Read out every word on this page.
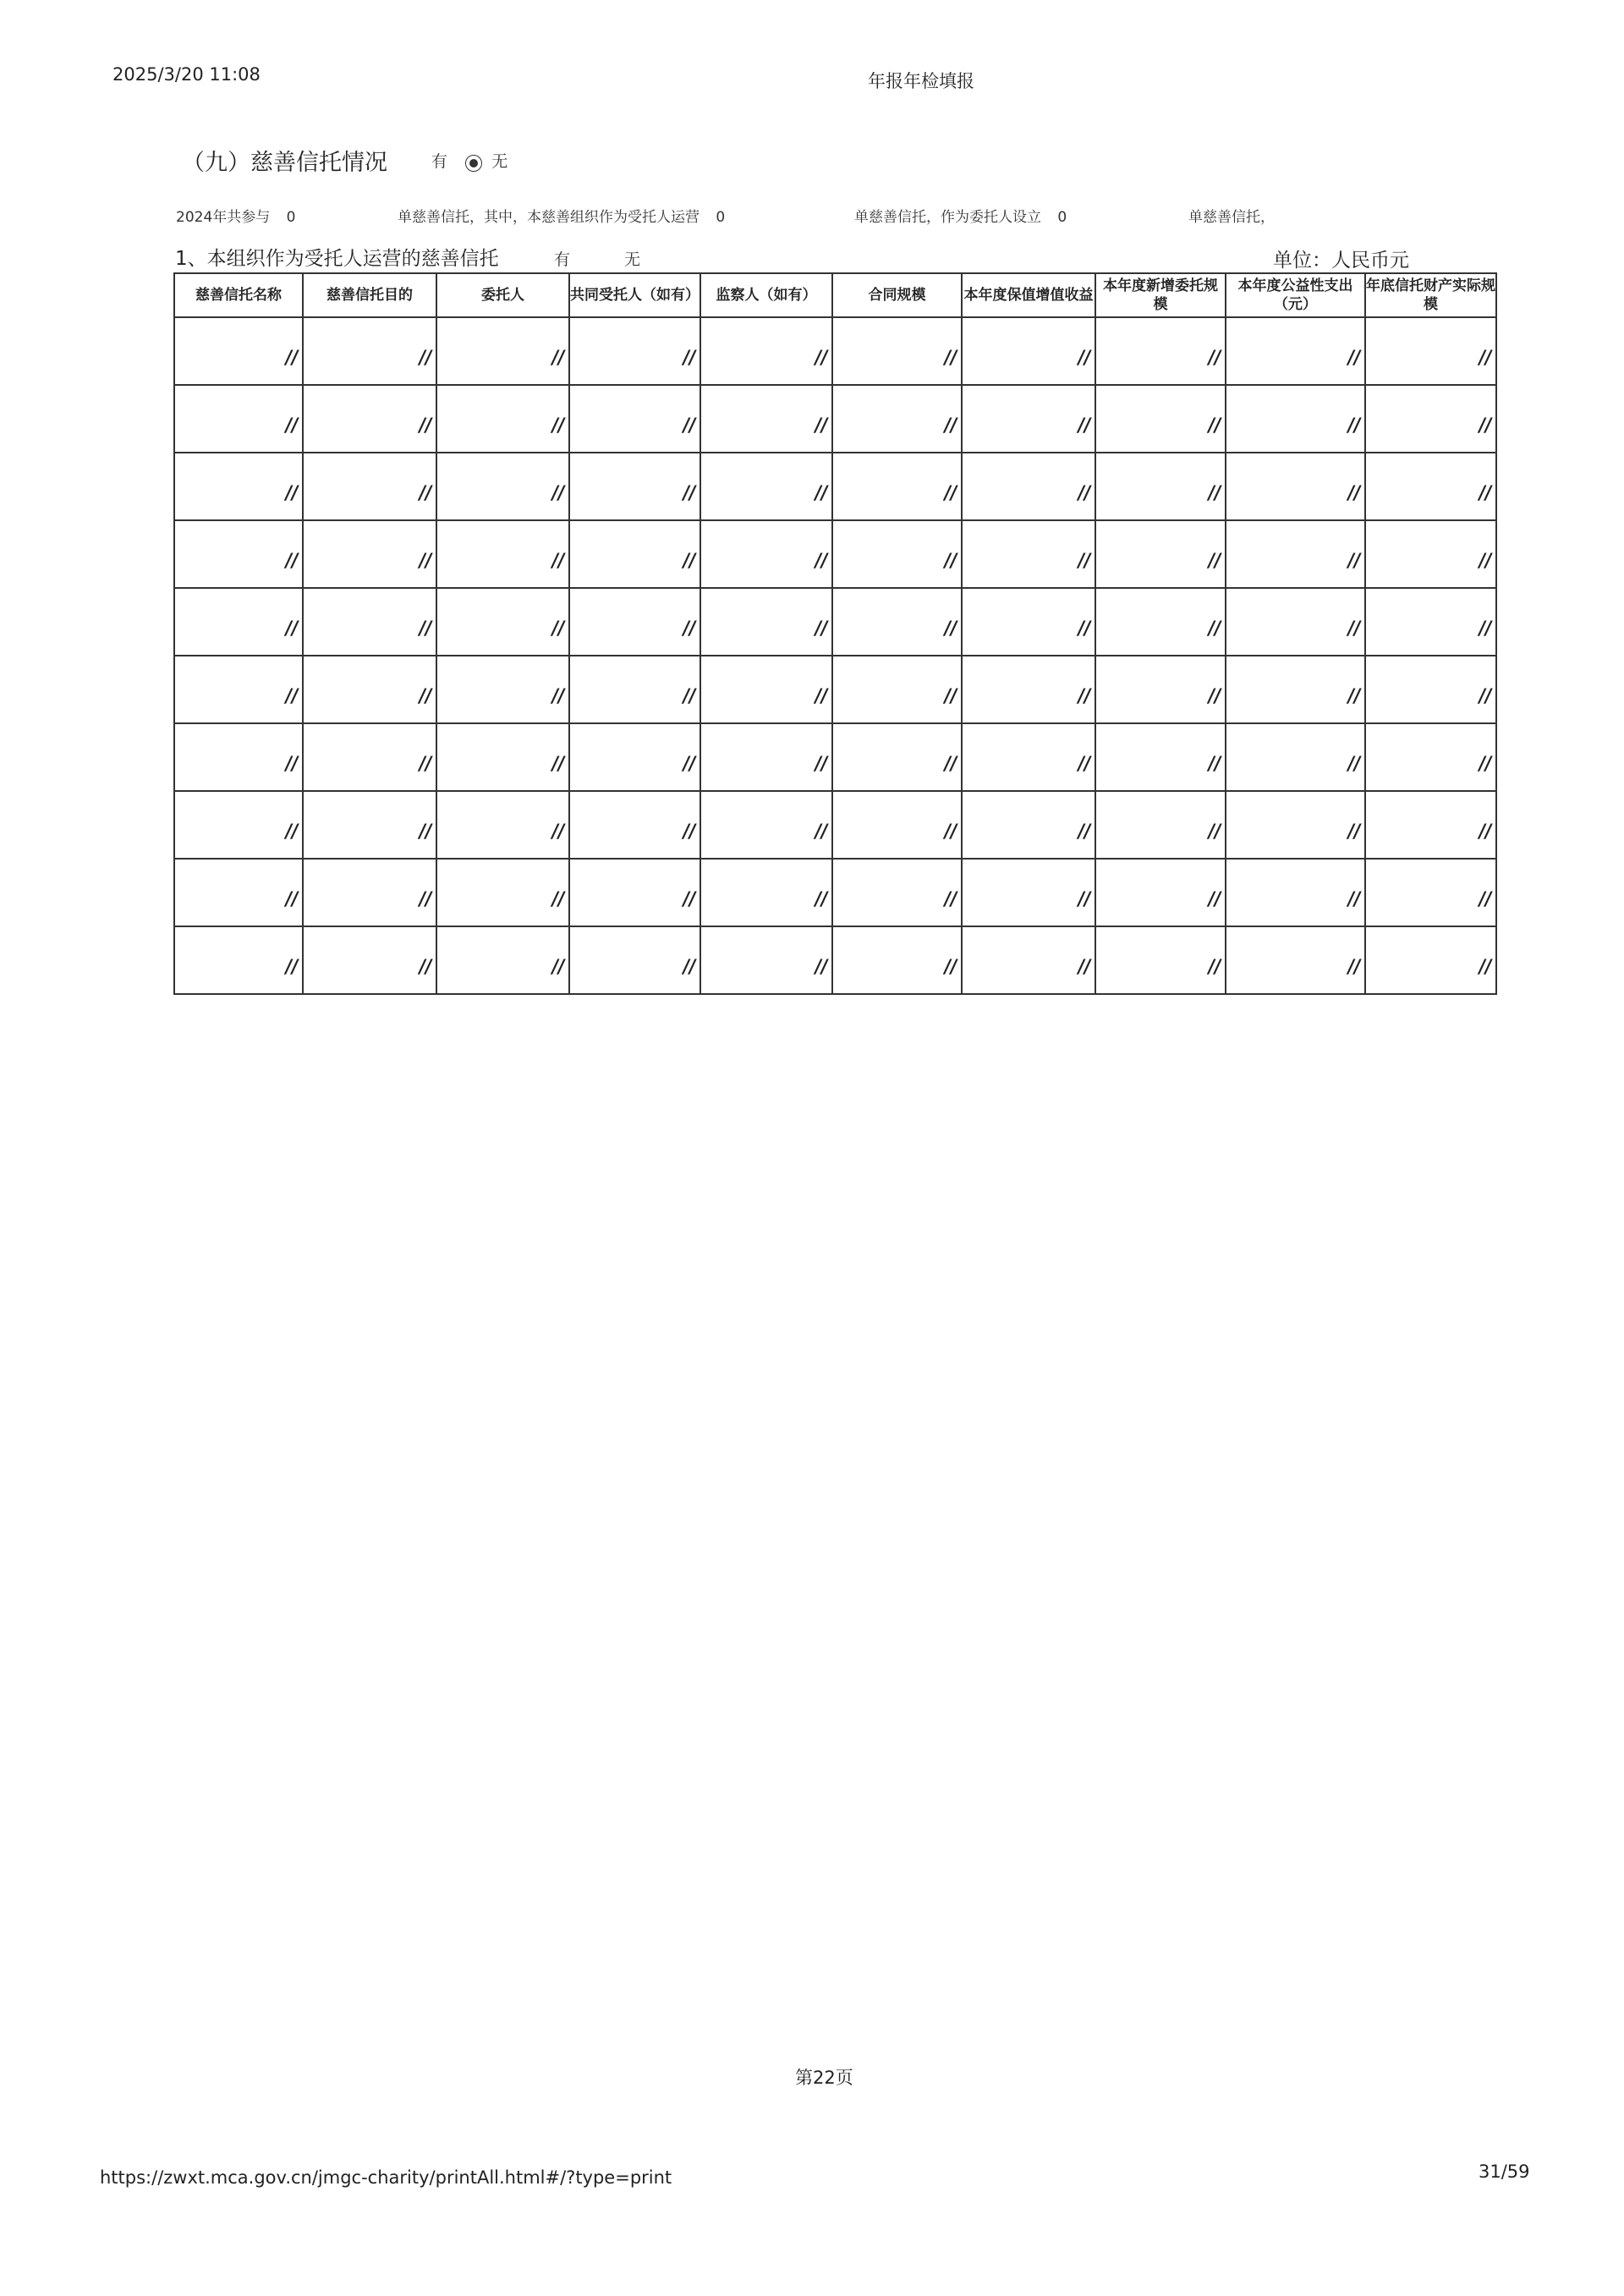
2025/3/20 11:08	年报年检填报
（九）慈善信托情况	有	无
2024年共参与 0	单慈善信托，其中，本慈善组织作为受托人运营 0	单慈善信托，作为委托人设立 0	单慈善信托，
1、本组织作为受托人运营的慈善信托	有	无	单位：人民币元
慈善信托名称	慈善信托目的	委托人	共同受托人（如有）	监察人（如有）	合同规模	本年度保值增值收益	本年度新增委托规模	本年度公益性支出（元）	年底信托财产实际规模

//	//	//	//	//	//	//	//	//	//

//	//	//	//	//	//	//	//	//	//

//	//	//	//	//	//	//	//	//	//

//	//	//	//	//	//	//	//	//	//

//	//	//	//	//	//	//	//	//	//

//	//	//	//	//	//	//	//	//	//

//	//	//	//	//	//	//	//	//	//

//	//	//	//	//	//	//	//	//	//

//	//	//	//	//	//	//	//	//	//

//	//	//	//	//	//	//	//	//	//
第22页
https://zwxt.mca.gov.cn/jmgc-charity/printAll.html#/?type=print	31/59
